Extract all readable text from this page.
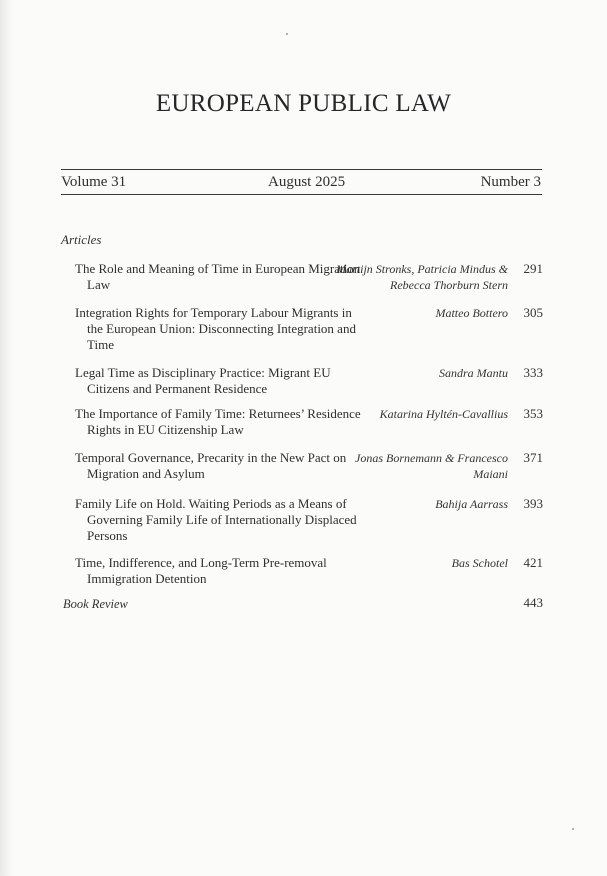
EUROPEAN PUBLIC LAW
Volume 31	August 2025	Number 3
Articles
The Role and Meaning of Time in European Migration Law
Martijn Stronks, Patricia Mindus & Rebecca Thorburn Stern
291
Integration Rights for Temporary Labour Migrants in the European Union: Disconnecting Integration and Time
Matteo Bottero	305
Legal Time as Disciplinary Practice: Migrant EU Citizens and Permanent Residence
Sandra Mantu	333
The Importance of Family Time: Returnees’ Residence Rights in EU Citizenship Law
Katarina Hyltén-Cavallius	353
Temporal Governance, Precarity in the New Pact on Migration and Asylum
Jonas Bornemann & Francesco Maiani
371
Family Life on Hold. Waiting Periods as a Means of Governing Family Life of Internationally Displaced Persons
Bahija Aarrass	393
Time, Indifference, and Long-Term Pre-removal Immigration Detention
Bas Schotel	421
Book Review	443
